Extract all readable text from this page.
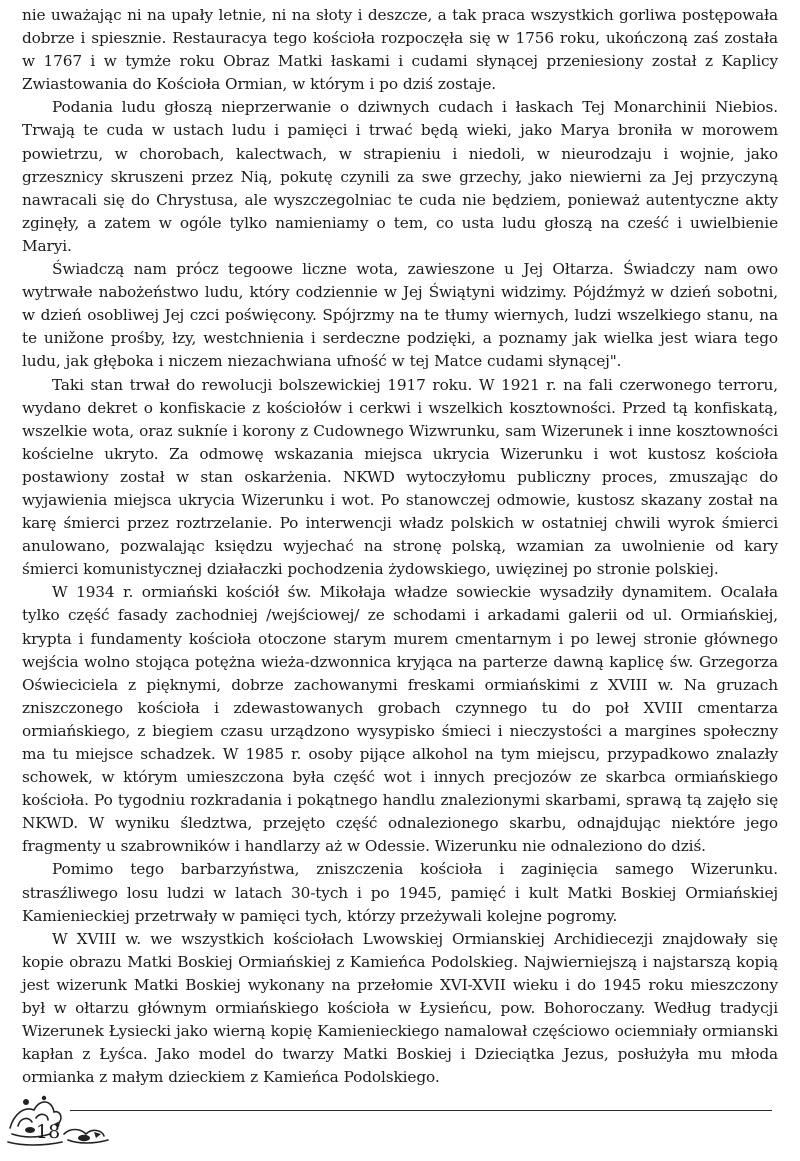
nie uważając ni na upały letnie, ni na słoty i deszcze, a tak praca wszystkich gorliwa postępowała dobrze i spiesznie. Restauracya tego kościoła rozpoczęła się w 1756 roku, ukończoną zaś została w 1767 i w tymże roku Obraz Matki łaskami i cudami słynącej przeniesiony został z Kaplicy Zwiastowania do Kościoła Ormian, w którym i po dziś zostaje.

Podania ludu głoszą nieprzerwanie o dziwnych cudach i łaskach Tej Monarchinii Niebios. Trwają te cuda w ustach ludu i pamięci i trwać będą wieki, jako Marya broniła w morowem powietrzu, w chorobach, kalectwach, w strapieniu i niedoli, w nieurodzaju i wojnie, jako grzesznicy skruszeni przez Nią, pokutę czynili za swe grzechy, jako niewierni za Jej przyczyną nawracali się do Chrystusa, ale wyszczegolniac te cuda nie będziem, ponieważ autentyczne akty zginęły, a zatem w ogóle tylko namieniamy o tem, co usta ludu głoszą na cześć i uwielbienie Maryi.

Świadczą nam prócz tegoowe liczne wota, zawieszone u Jej Ołtarza. Świadczy nam owo wytrwałe nabożeństwo ludu, który codziennie w Jej Świątyni widzimy. Pójdźmyż w dzień sobotni, w dzień osobliwej Jej czci poświęcony. Spójrzmy na te tłumy wiernych, ludzi wszelkiego stanu, na te unižone prośby, łzy, westchnienia i serdeczne podzięki, a poznamy jak wielka jest wiara tego ludu, jak głęboka i niczem niezachwiana ufność w tej Matce cudami słynącej".

Taki stan trwał do rewolucji bolszewickiej 1917 roku. W 1921 r. na fali czerwonego terroru, wydano dekret o konfiskacie z kościołów i cerkwi i wszelkich kosztowności. Przed tą konfiskatą, wszelkie wota, oraz sukníe i korony z Cudownego Wizwrunku, sam Wizerunek i inne kosztowności kościelne ukryto. Za odmowę wskazania miejsca ukrycia Wizerunku i wot kustosz kościoła postawiony został w stan oskarżenia. NKWD wytoczyłomu publiczny proces, zmuszając do wyjawienia miejsca ukrycia Wizerunku i wot. Po stanowczej odmowie, kustosz skazany został na karę śmierci przez roztrzelanie. Po interwencji władz polskich w ostatniej chwili wyrok śmierci anulowano, pozwalając księdzu wyjechać na stronę polską, wzamian za uwolnienie od kary śmierci komunistycznej działaczki pochodzenia żydowskiego, uwięzinej po stronie polskiej.

W 1934 r. ormiański kościół św. Mikołaja władze sowieckie wysadziły dynamitem. Ocalała tylko część fasady zachodniej /wejściowej/ ze schodami i arkadami galerii od ul. Ormiańskiej, krypta i fundamenty kościoła otoczone starym murem cmentarnym i po lewej stronie głównego wejścia wolno stojąca potężna wieża-dzwonnica kryjąca na parterze dawną kaplicę św. Grzegorza Oświeciciela z pięknymi, dobrze zachowanymi freskami ormiańskimi z XVIII w. Na gruzach zniszczonego kościoła i zdewastowanych grobach czynnego tu do poł XVIII cmentarza ormiańskiego, z biegiem czasu urządzono wysypisko śmieci i nieczystości a margines społeczny ma tu miejsce schadzek. W 1985 r. osoby pijące alkohol na tym miejscu, przypadkowo znalazły schowek, w którym umieszczona była część wot i innych precjozów ze skarbca ormiańskiego kościoła. Po tygodniu rozkradania i pokątnego handlu znalezionymi skarbami, sprawą tą zajęło się NKWD. W wyniku śledztwa, przejęto część odnalezionego skarbu, odnajdując niektóre jego fragmenty u szabrowników i handlarzy aż w Odessie. Wizerunku nie odnaleziono do dziś.

Pomimo tego barbarzyństwa, zniszczenia kościoła i zaginięcia samego Wizerunku. strasźliwego losu ludzi w latach 30-tych i po 1945, pamięć i kult Matki Boskiej Ormiańskiej Kamienieckiej przetrwały w pamięci tych, którzy przeżywali kolejne pogromy.

W XVIII w. we wszystkich kościołach Lwowskiej Ormianskiej Archidiecezji znajdowały się kopie obrazu Matki Boskiej Ormiańskiej z Kamieńca Podolskieg. Najwierniejszą i najstarszą kopią jest wizerunk Matki Boskiej wykonany na przełomie XVI-XVII wieku i do 1945 roku mieszczony był w ołtarzu głównym ormiańskiego kościoła w Łysieńcu, pow. Bohoroczany. Według tradycji Wizerunek Łysiecki jako wierną kopię Kamienieckiego namalował częściowo ociemniały ormianski kapłan z Łyśca. Jako model do twarzy Matki Boskiej i Dzieciątka Jezus, posłużyła mu młoda ormianka z małym dzieckiem z Kamieńca Podolskiego.

18
